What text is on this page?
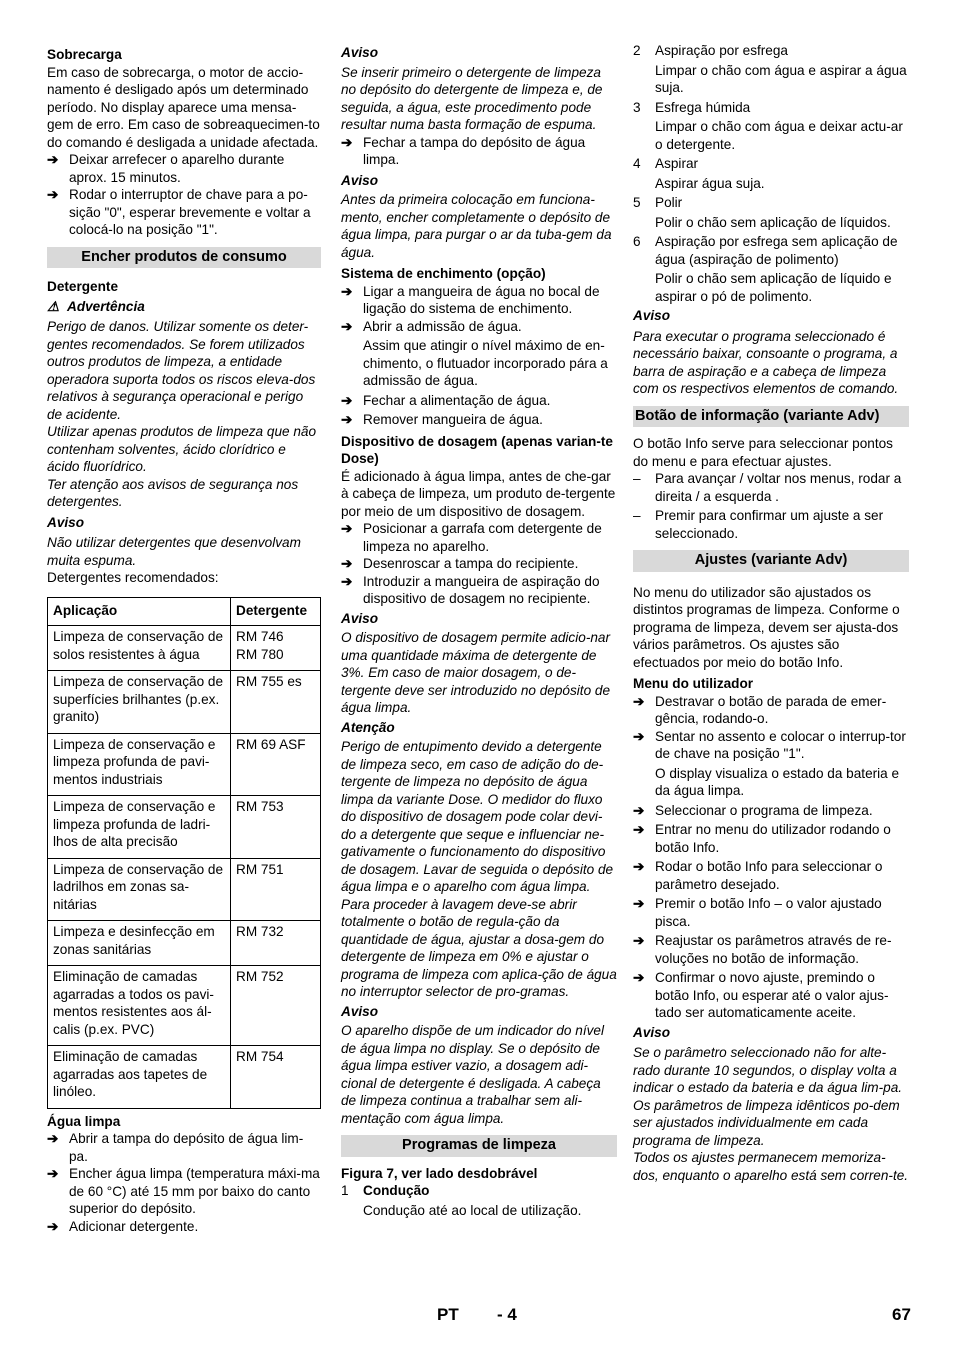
Sobrecarga
Em caso de sobrecarga, o motor de accio-namento é desligado após um determinado período. No display aparece uma mensa-gem de erro. Em caso de sobreaquecimen-to do comando é desligada a unidade afectada.
➔ Deixar arrefecer o aparelho durante aprox. 15 minutos.
➔ Rodar o interruptor de chave para a po-sição "0", esperar brevemente e voltar a colocá-lo na posição "1".
Encher produtos de consumo
Detergente
⚠ Advertência
Perigo de danos. Utilizar somente os deter-gentes recomendados. Se forem utilizados outros produtos de limpeza, a entidade operadora suporta todos os riscos eleva-dos relativos à segurança operacional e perigo de acidente.
Utilizar apenas produtos de limpeza que não contenham solventes, ácido clorídrico e ácido fluorídrico.
Ter atenção aos avisos de segurança nos detergentes.
Aviso
Não utilizar detergentes que desenvolvam muita espuma.
Detergentes recomendados:
Aplicação	Detergente
Limpeza de conservação de solos resistentes à água	RM 746
RM 780
Limpeza de conservação de superfícies brilhantes (p.ex. granito)	RM 755 es
Limpeza de conservação e limpeza profunda de pavi-mentos industriais	RM 69 ASF
Limpeza de conservação e limpeza profunda de ladri-lhos de alta precisão	RM 753
Limpeza de conservação de ladrilhos em zonas sa-nitárias	RM 751
Limpeza e desinfecção em zonas sanitárias	RM 732
Eliminação de camadas agarradas a todos os pavi-mentos resistentes aos ál-calis (p.ex. PVC)	RM 752
Eliminação de camadas agarradas aos tapetes de linóleo.	RM 754
Água limpa
➔ Abrir a tampa do depósito de água lim-pa.
➔ Encher água limpa (temperatura máxi-ma de 60 °C) até 15 mm por baixo do canto superior do depósito.
➔ Adicionar detergente.
Aviso
Se inserir primeiro o detergente de limpeza no depósito do detergente de limpeza e, de seguida, a água, este procedimento pode resultar numa basta formação de espuma.
➔ Fechar a tampa do depósito de água limpa.
Aviso
Antes da primeira colocação em funciona-mento, encher completamente o depósito de água limpa, para purgar o ar da tuba-gem da água.
Sistema de enchimento (opção)
➔ Ligar a mangueira de água no bocal de ligação do sistema de enchimento.
➔ Abrir a admissão de água.
Assim que atingir o nível máximo de en-chimento, o flutuador incorporado pára a admissão de água.
➔ Fechar a alimentação de água.
➔ Remover mangueira de água.
Dispositivo de dosagem (apenas varian-te Dose)
É adicionado à água limpa, antes de che-gar à cabeça de limpeza, um produto de-tergente por meio de um dispositivo de dosagem.
➔ Posicionar a garrafa com detergente de limpeza no aparelho.
➔ Desenroscar a tampa do recipiente.
➔ Introduzir a mangueira de aspiração do dispositivo de dosagem no recipiente.
Aviso
O dispositivo de dosagem permite adicio-nar uma quantidade máxima de detergente de 3%. Em caso de maior dosagem, o de-tergente deve ser introduzido no depósito de água limpa.
Atenção
Perigo de entupimento devido a detergente de limpeza seco, em caso de adição do de-tergente de limpeza no depósito de água limpa da variante Dose. O medidor do fluxo do dispositivo de dosagem pode colar devi-do a detergente que seque e influenciar ne-gativamente o funcionamento do dispositivo de dosagem. Lavar de seguida o depósito de água limpa e o aparelho com água limpa. Para proceder à lavagem deve-se abrir totalmente o botão de regula-ção da quantidade de água, ajustar a dosa-gem do detergente de limpeza em 0% e ajustar o programa de limpeza com aplica-ção de água no interruptor selector de pro-gramas.
Aviso
O aparelho dispõe de um indicador do nível de água limpa no display. Se o depósito de água limpa estiver vazio, a dosagem adi-cional de detergente é desligada. A cabeça de limpeza continua a trabalhar sem ali-mentação com água limpa.
Programas de limpeza
Figura 7, ver lado desdobrável
1	Condução
Condução até ao local de utilização.
2	Aspiração por esfrega
Limpar o chão com água e aspirar a água suja.
3	Esfrega húmida
Limpar o chão com água e deixar actu-ar o detergente.
4	Aspirar
Aspirar água suja.
5	Polir
Polir o chão sem aplicação de líquidos.
6	Aspiração por esfrega sem aplicação de água (aspiração de polimento)
Polir o chão sem aplicação de líquido e aspirar o pó de polimento.
Aviso
Para executar o programa seleccionado é necessário baixar, consoante o programa, a barra de aspiração e a cabeça de limpeza com os respectivos elementos de comando.
Botão de informação (variante Adv)
O botão Info serve para seleccionar pontos do menu e para efectuar ajustes.
–	Para avançar / voltar nos menus, rodar a direita / a esquerda .
–	Premir para confirmar um ajuste a ser seleccionado.
Ajustes (variante Adv)
No menu do utilizador são ajustados os distintos programas de limpeza. Conforme o programa de limpeza, devem ser ajusta-dos vários parâmetros. Os ajustes são efectuados por meio do botão Info.
Menu do utilizador
➔ Destravar o botão de parada de emer-gência, rodando-o.
➔ Sentar no assento e colocar o interrup-tor de chave na posição "1".
O display visualiza o estado da bateria e da água limpa.
➔ Seleccionar o programa de limpeza.
➔ Entrar no menu do utilizador rodando o botão Info.
➔ Rodar o botão Info para seleccionar o parâmetro desejado.
➔ Premir o botão Info – o valor ajustado pisca.
➔ Reajustar os parâmetros através de re-voluções no botão de informação.
➔ Confirmar o novo ajuste, premindo o botão Info, ou esperar até o valor ajus-tado ser automaticamente aceite.
Aviso
Se o parâmetro seleccionado não for alte-rado durante 10 segundos, o display volta a indicar o estado da bateria e da água lim-pa.
Os parâmetros de limpeza idênticos po-dem ser ajustados individualmente em cada programa de limpeza.
Todos os ajustes permanecem memoriza-dos, enquanto o aparelho está sem corren-te.
PT - 4	67
